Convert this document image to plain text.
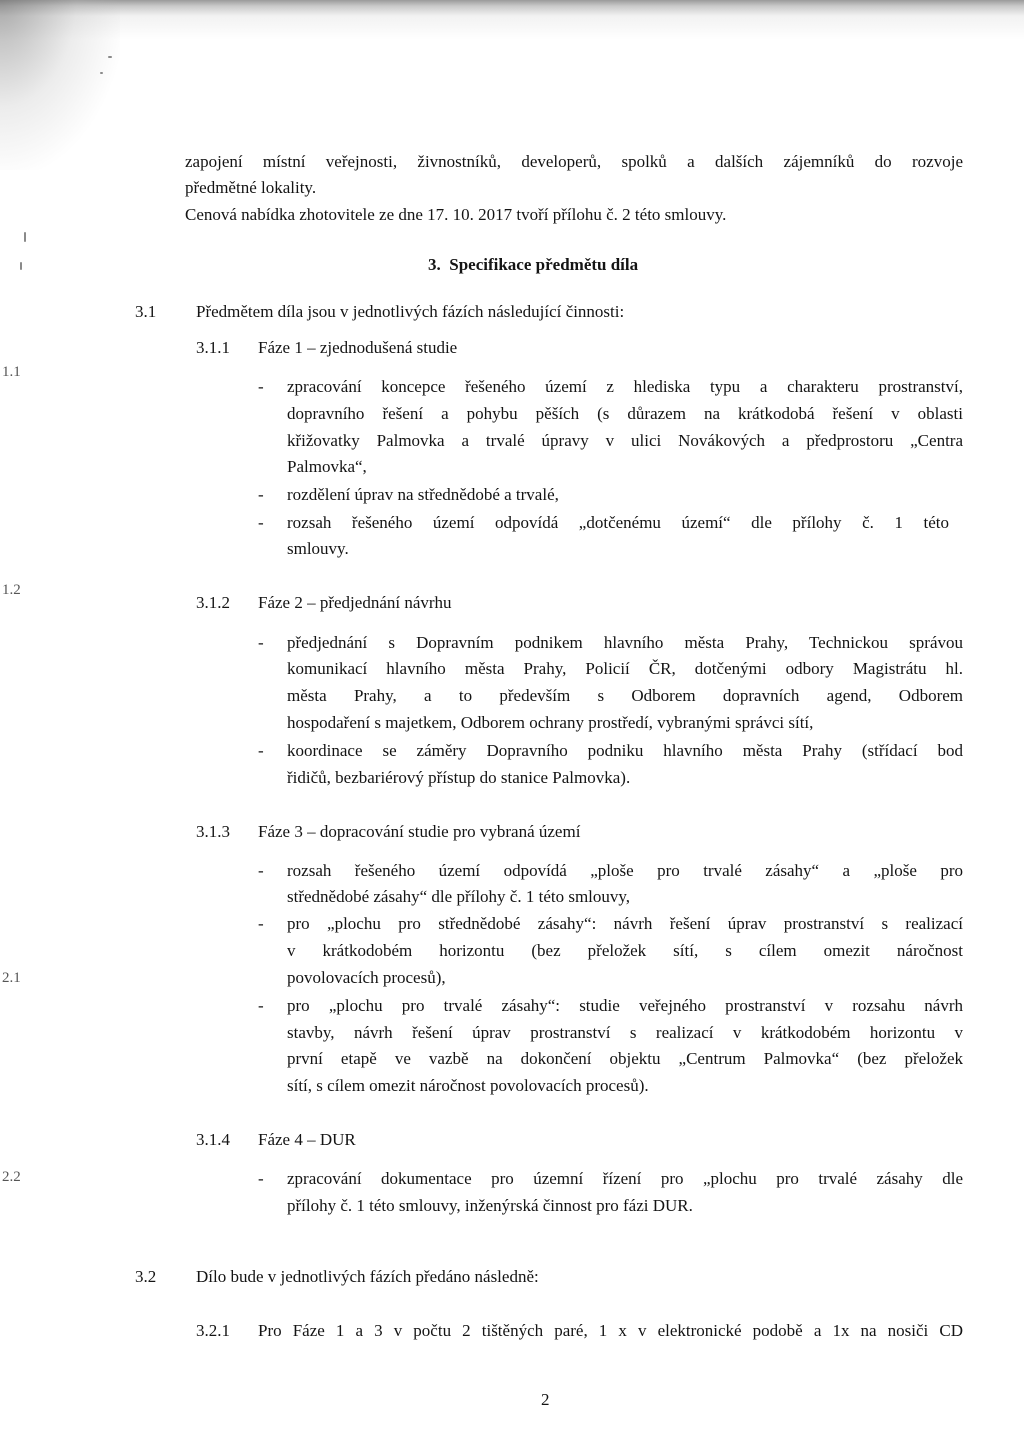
1.1
1.2
2.1
2.2
zapojení místní veřejnosti, živnostníků, developerů, spolků a dalších zájemníků do rozvoje
předmětné lokality.
Cenová nabídka zhotovitele ze dne 17. 10. 2017 tvoří přílohu č. 2 této smlouvy.
3.  Specifikace předmětu díla
3.1 Předmětem díla jsou v jednotlivých fázích následující činnosti:
3.1.1 Fáze 1 – zjednodušená studie
- zpracování koncepce řešeného území z hlediska typu a charakteru prostranství,
dopravního řešení a pohybu pěších (s důrazem na krátkodobá řešení v oblasti
křižovatky Palmovka a trvalé úpravy v ulici Novákových a předprostoru „Centra
Palmovka“,
- rozdělení úprav na střednědobé a trvalé,
- rozsah řešeného území odpovídá „dotčenému území“ dle přílohy č. 1 této
smlouvy.
3.1.2 Fáze 2 – předjednání návrhu
- předjednání s Dopravním podnikem hlavního města Prahy, Technickou správou
komunikací hlavního města Prahy, Policií ČR, dotčenými odbory Magistrátu hl.
města Prahy, a to především s Odborem dopravních agend, Odborem
hospodaření s majetkem, Odborem ochrany prostředí, vybranými správci sítí,
- koordinace se záměry Dopravního podniku hlavního města Prahy (střídací bod
řidičů, bezbariérový přístup do stanice Palmovka).
3.1.3 Fáze 3 – dopracování studie pro vybraná území
- rozsah řešeného území odpovídá „ploše pro trvalé zásahy“ a „ploše pro
střednědobé zásahy“ dle přílohy č. 1 této smlouvy,
- pro „plochu pro střednědobé zásahy“: návrh řešení úprav prostranství s realizací
v krátkodobém horizontu (bez přeložek sítí, s cílem omezit náročnost
povolovacích procesů),
- pro „plochu pro trvalé zásahy“: studie veřejného prostranství v rozsahu návrh
stavby, návrh řešení úprav prostranství s realizací v krátkodobém horizontu v
první etapě ve vazbě na dokončení objektu „Centrum Palmovka“ (bez přeložek
sítí, s cílem omezit náročnost povolovacích procesů).
3.1.4 Fáze 4 – DUR
- zpracování dokumentace pro územní řízení pro „plochu pro trvalé zásahy dle
přílohy č. 1 této smlouvy, inženýrská činnost pro fázi DUR.
3.2 Dílo bude v jednotlivých fázích předáno následně:
3.2.1 Pro Fáze 1 a 3 v počtu 2 tištěných paré, 1 x v elektronické podobě a 1x na nosiči CD
2
